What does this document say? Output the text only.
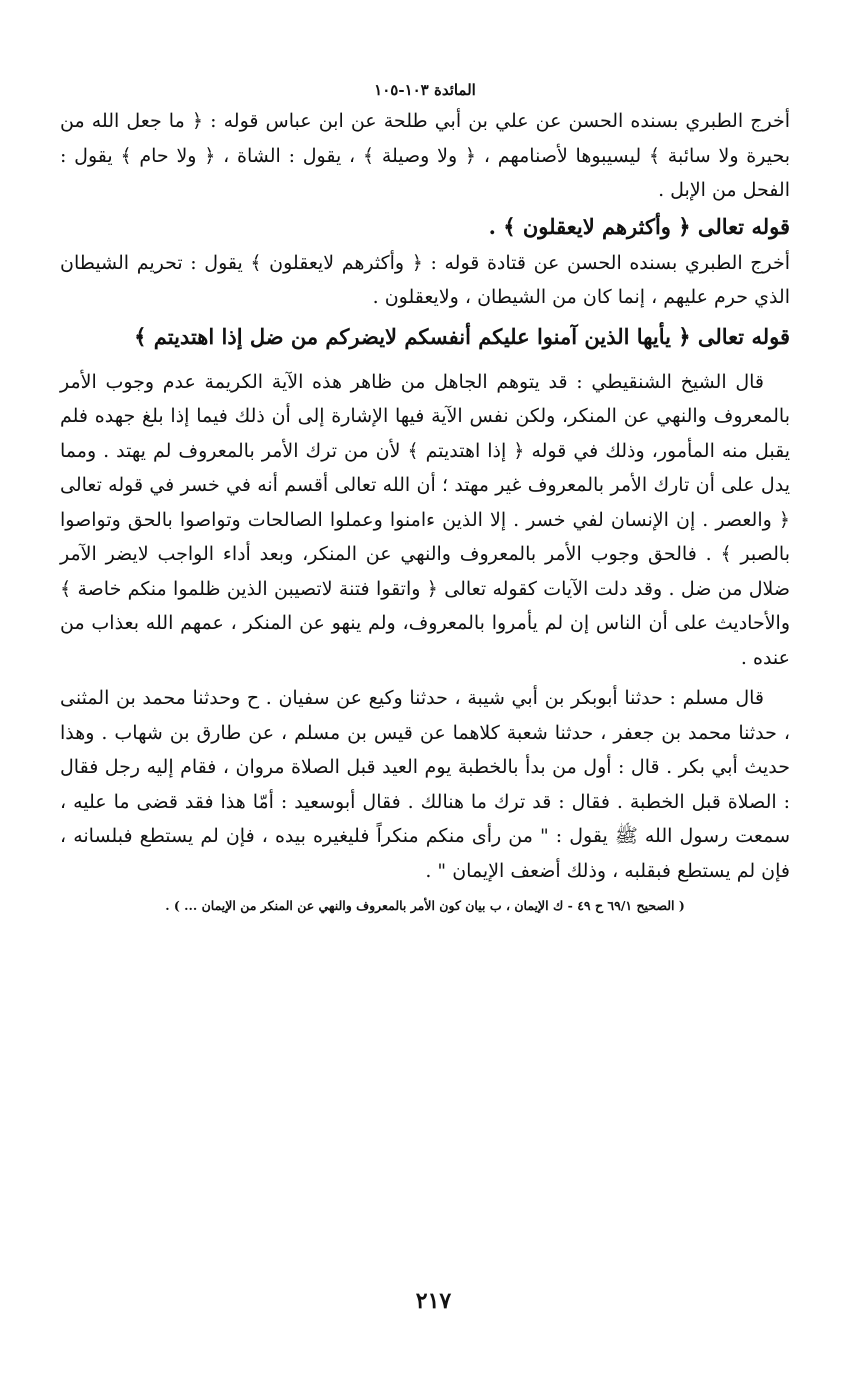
المائدة ١٠٣-١٠٥

أخرج الطبري بسنده الحسن عن علي بن أبي طلحة عن ابن عباس قوله : ﴿ ما جعل الله من بحيرة ولا سائبة ﴾ ليسيبوها لأصنامهم ، ﴿ ولا وصيلة ﴾ ، يقول : الشاة ، ﴿ ولا حام ﴾ يقول : الفحل من الإبل .

قوله تعالى ﴿ وأكثرهم لايعقلون ﴾ .

أخرج الطبري بسنده الحسن عن قتادة قوله : ﴿ وأكثرهم لايعقلون ﴾ يقول : تحريم الشيطان الذي حرم عليهم ، إنما كان من الشيطان ، ولايعقلون .

قوله تعالى ﴿ يأيها الذين آمنوا عليكم أنفسكم لايضركم من ضل إذا اهتديتم ﴾

قال الشيخ الشنقيطي : قد يتوهم الجاهل من ظاهر هذه الآية الكريمة عدم وجوب الأمر بالمعروف والنهي عن المنكر، ولكن نفس الآية فيها الإشارة إلى أن ذلك فيما إذا بلغ جهده فلم يقبل منه المأمور، وذلك في قوله ﴿ إذا اهتديتم ﴾ لأن من ترك الأمر بالمعروف لم يهتد . ومما يدل على أن تارك الأمر بالمعروف غير مهتد ؛ أن الله تعالى أقسم أنه في خسر في قوله تعالى ﴿ والعصر . إن الإنسان لفي خسر . إلا الذين ءامنوا وعملوا الصالحات وتواصوا بالحق وتواصوا بالصبر ﴾ . فالحق وجوب الأمر بالمعروف والنهي عن المنكر، وبعد أداء الواجب لايضر الآمر ضلال من ضل . وقد دلت الآيات كقوله تعالى ﴿ واتقوا فتنة لاتصيبن الذين ظلموا منكم خاصة ﴾ والأحاديث على أن الناس إن لم يأمروا بالمعروف، ولم ينهو عن المنكر ، عمهم الله بعذاب من عنده .

قال مسلم : حدثنا أبوبكر بن أبي شيبة ، حدثنا وكيع عن سفيان . ح وحدثنا محمد بن المثنى ، حدثنا محمد بن جعفر ، حدثنا شعبة كلاهما عن قيس بن مسلم ، عن طارق بن شهاب . وهذا حديث أبي بكر . قال : أول من بدأ بالخطبة يوم العيد قبل الصلاة مروان ، فقام إليه رجل فقال : الصلاة قبل الخطبة . فقال : قد ترك ما هنالك . فقال أبوسعيد : أمّا هذا فقد قضى ما عليه ، سمعت رسول الله ﷺ يقول : " من رأى منكم منكراً فليغيره بيده ، فإن لم يستطع فبلسانه ، فإن لم يستطع فبقلبه ، وذلك أضعف الإيمان " .

( الصحيح ٦٩/١ ح ٤٩ - ك الإيمان ، ب بيان كون الأمر بالمعروف والنهي عن المنكر من الإيمان ... ) .
٢١٧
